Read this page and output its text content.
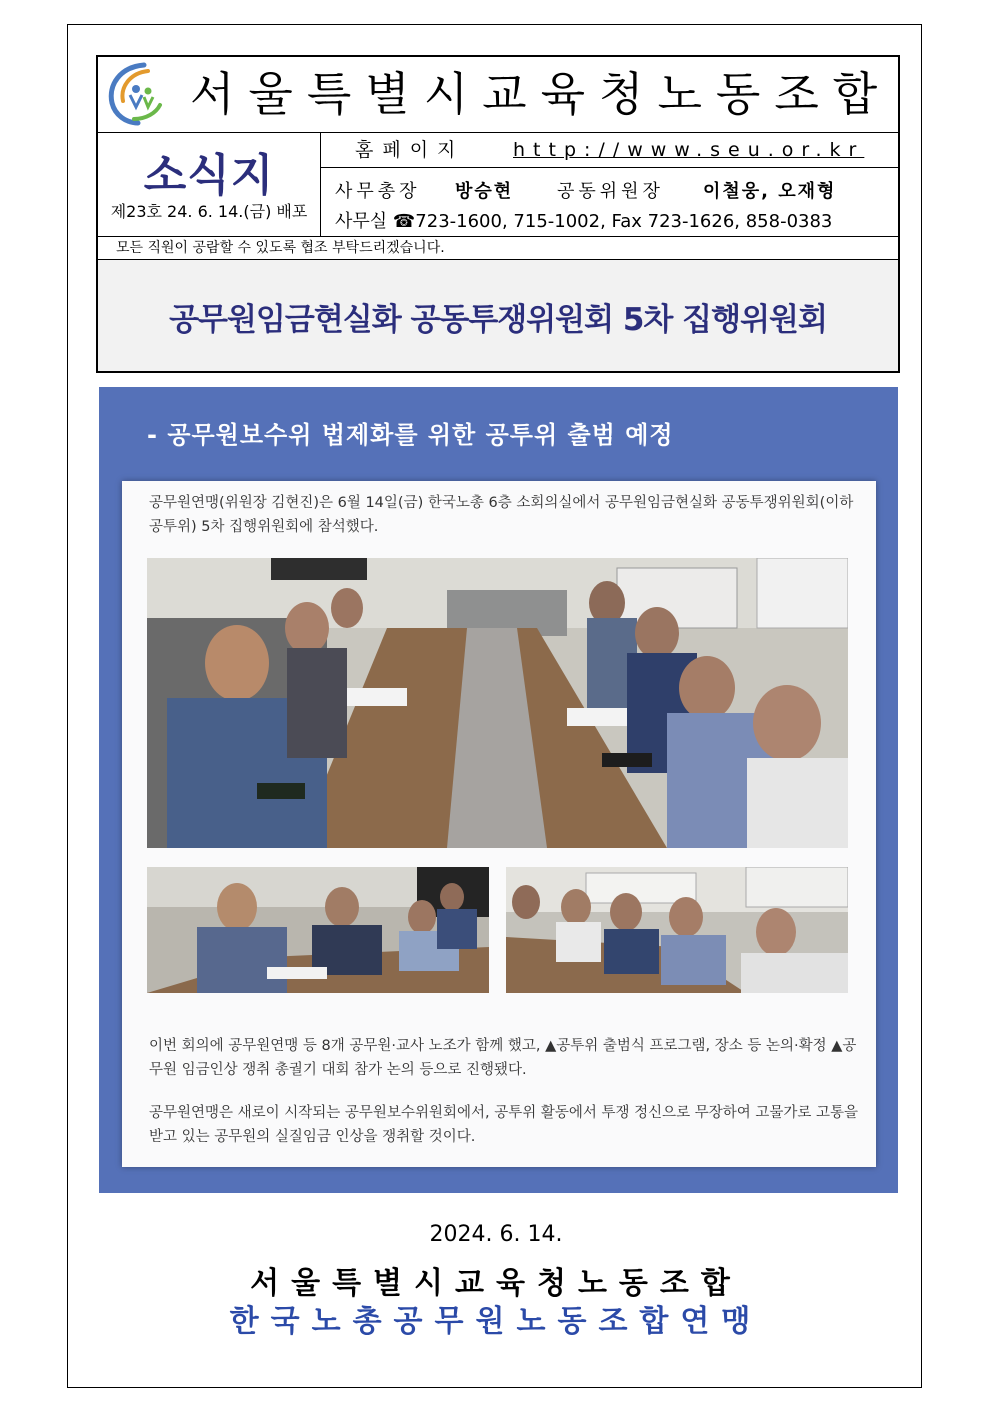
서울특별시교육청노동조합
소식지
제23호 24. 6. 14.(금) 배포
홈페이지	http://www.seu.or.kr
사무총장 방승현 공동위원장 이철웅, 오재형
사무실 ☎723-1600, 715-1002, Fax 723-1626, 858-0383
모든 직원이 공람할 수 있도록 협조 부탁드리겠습니다.
공무원임금현실화 공동투쟁위원회 5차 집행위원회
- 공무원보수위 법제화를 위한 공투위 출범 예정
공무원연맹(위원장 김현진)은 6월 14일(금) 한국노총 6층 소회의실에서 공무원임금현실화 공동투쟁위원회(이하 공투위) 5차 집행위원회에 참석했다.
이번 회의에 공무원연맹 등 8개 공무원·교사 노조가 함께 했고, ▲공투위 출범식 프로그램, 장소 등 논의·확정 ▲공무원 임금인상 쟁취 총궐기 대회 참가 논의 등으로 진행됐다.
공무원연맹은 새로이 시작되는 공무원보수위원회에서, 공투위 활동에서 투쟁 정신으로 무장하여 고물가로 고통을 받고 있는 공무원의 실질임금 인상을 쟁취할 것이다.
2024. 6. 14.
서울특별시교육청노동조합
한국노총공무원노동조합연맹
